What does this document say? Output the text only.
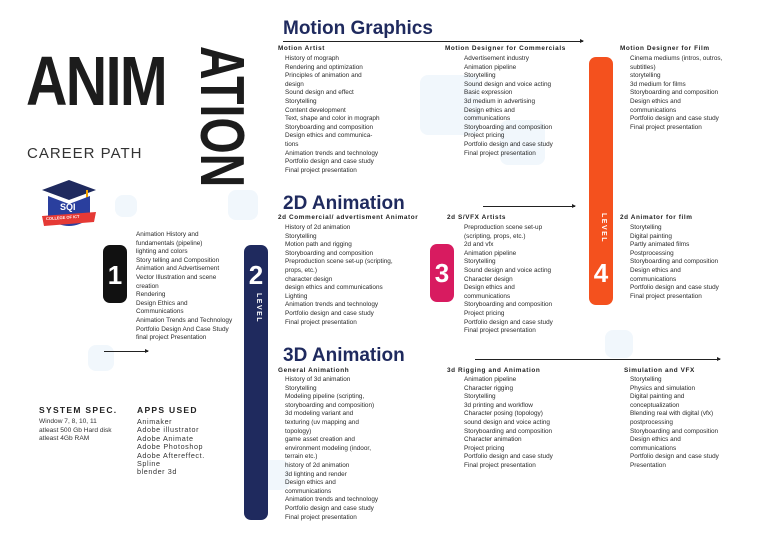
ANIM ATION
CAREER PATH
SQI
COLLEGE OF ICT
1
Animation History and
fundamentals (pipeline)
lighting and colors
Story telling and Composition
Animation and Advertisement
Vector Illustration and scene
creation
Rendering
Design Ethics and
Communications
Animation Trends and Technology
Portfolio Design And Case Study
final project Presentation
2
LEVEL
3
LEVEL
4
Motion Graphics
Motion Artist
History of mograph
Rendering and optimization
Principles of animation and
design
Sound design and effect
Storytelling
Content development
Text, shape and color in mograph
Storyboarding and composition
Design ethics and communica-
tions
Animation trends and technology
Portfolio design and case study
Final project presentation
Motion Designer for Commercials
Advertisement industry
Animation pipeline
Storytelling
Sound design and voice acting
Basic expression
3d medium in advertising
Design ethics and
communications
Storyboarding and composition
Project pricing
Portfolio design and case study
Final project presentation
Motion Designer for Film
Cinema mediums (intros, outros,
subtitles)
storytelling
3d medium for films
Storyboarding and composition
Design ethics and
communications
Portfolio design and case study
Final project presentation
2D Animation
2d Commercial/ advertisment Animator
History of 2d animation
Storytelling
Motion path and rigging
Storyboarding and composition
Preproduction scene set-up (scripting,
props, etc.)
character design
design ethics and communications
Lighting
Animation trends and technology
Portfolio design and case study
Final project presentation
2d S/VFX Artists
Preproduction scene set-up
(scripting, props, etc.)
2d and vfx
Animation pipeline
Storytelling
Sound design and voice acting
Character design
Design ethics and
communications
Storyboarding and composition
Project pricing
Portfolio design and case study
Final project presentation
2d Animator for film
Storytelling
Digital painting
Partly animated films
Postprocessing
Storyboarding and composition
Design ethics and
communications
Portfolio design and case study
Final project presentation
3D Animation
General Animationh
History of 3d animation
Storytelling
Modeling pipeline (scripting,
storyboarding and composition)
3d modeling variant and
texturing (uv mapping and
topology)
game asset creation and
environment modeling (indoor,
terrain etc.)
history of 2d animation
3d lighting and render
Design ethics and
communications
Animation trends and technology
Portfolio design and case study
Final project presentation
3d Rigging and Animation
Animation pipeline
Character rigging
Storytelling
3d printing and workflow
Character posing (topology)
sound design and voice acting
Storyboarding and composition
Character animation
Project pricing
Portfolio design and case study
Final project presentation
Simulation and VFX
Storytelling
Physics and simulation
Digital painting and
conceptualization
Blending real with digital (vfx)
postprocessing
Storyboarding and composition
Design ethics and
communications
Portfolio design and case study
Presentation
SYSTEM SPEC.
Window 7, 8, 10, 11
atleast 500 Gb Hard disk
atleast 4Gb RAM
APPS USED
Animaker
Adobe illustrator
Adobe Animate
Adobe Photoshop
Adobe Aftereffect.
Spline
blender 3d
